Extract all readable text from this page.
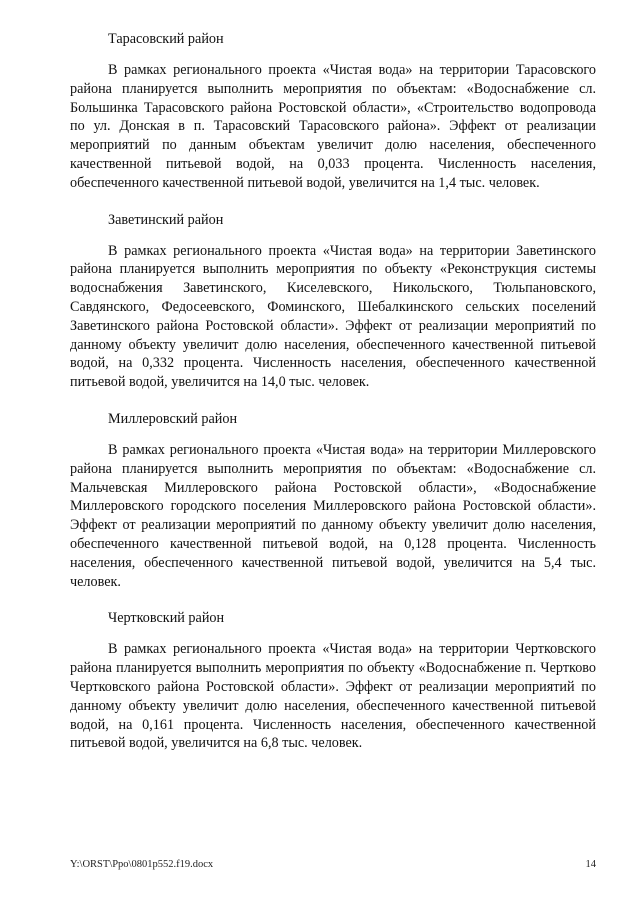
Тарасовский район

В рамках регионального проекта «Чистая вода» на территории Тарасовского района планируется выполнить мероприятия по объектам: «Водоснабжение сл. Большинка Тарасовского района Ростовской области», «Строительство водопровода по ул. Донская в п. Тарасовский Тарасовского района». Эффект от реализации мероприятий по данным объектам увеличит долю населения, обеспеченного качественной питьевой водой, на 0,033 процента. Численность населения, обеспеченного качественной питьевой водой, увеличится на 1,4 тыс. человек.

Заветинский район

В рамках регионального проекта «Чистая вода» на территории Заветинского района планируется выполнить мероприятия по объекту «Реконструкция системы водоснабжения Заветинского, Киселевского, Никольского, Тюльпановского, Савдянского, Федосеевского, Фоминского, Шебалкинского сельских поселений Заветинского района Ростовской области». Эффект от реализации мероприятий по данному объекту увеличит долю населения, обеспеченного качественной питьевой водой, на 0,332 процента. Численность населения, обеспеченного качественной питьевой водой, увеличится на 14,0 тыс. человек.

Миллеровский район

В рамках регионального проекта «Чистая вода» на территории Миллеровского района планируется выполнить мероприятия по объектам: «Водоснабжение сл. Мальчевская Миллеровского района Ростовской области», «Водоснабжение Миллеровского городского поселения Миллеровского района Ростовской области». Эффект от реализации мероприятий по данному объекту увеличит долю населения, обеспеченного качественной питьевой водой, на 0,128 процента. Численность населения, обеспеченного качественной питьевой водой, увеличится на 5,4 тыс. человек.

Чертковский район

В рамках регионального проекта «Чистая вода» на территории Чертковского района планируется выполнить мероприятия по объекту «Водоснабжение п. Чертково Чертковского района Ростовской области». Эффект от реализации мероприятий по данному объекту увеличит долю населения, обеспеченного качественной питьевой водой, на 0,161 процента. Численность населения, обеспеченного качественной питьевой водой, увеличится на 6,8 тыс. человек.

Y:\ORST\Ppo\0801p552.f19.docx	14
